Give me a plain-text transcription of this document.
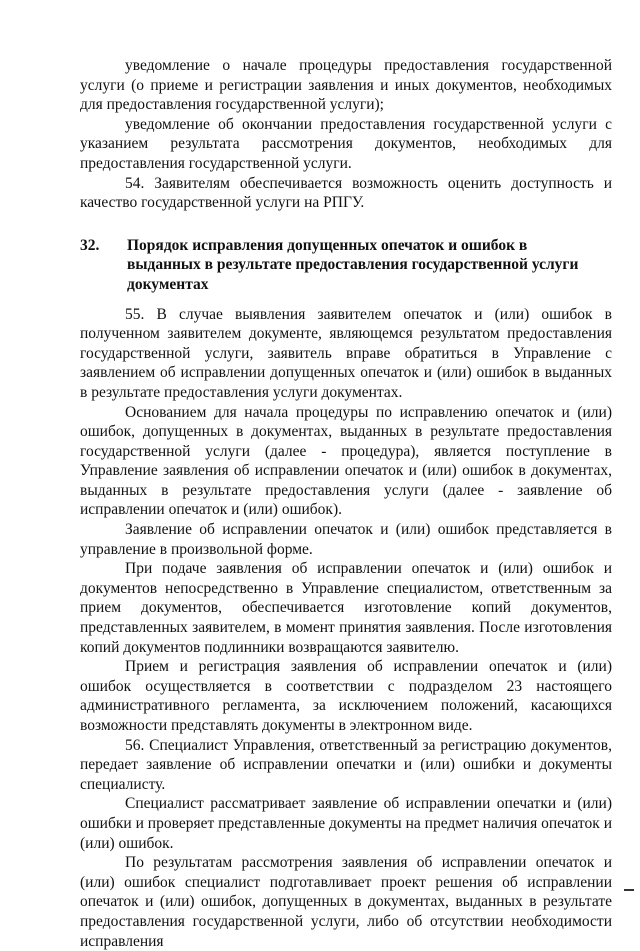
уведомление о начале процедуры предоставления государственной услуги (о приеме и регистрации заявления и иных документов, необходимых для предоставления государственной услуги);

уведомление об окончании предоставления государственной услуги с указанием результата рассмотрения документов, необходимых для предоставления государственной услуги.

54. Заявителям обеспечивается возможность оценить доступность и качество государственной услуги на РПГУ.

32.	Порядок исправления допущенных опечаток и ошибок в выданных в результате предоставления государственной услуги документах

55. В случае выявления заявителем опечаток и (или) ошибок в полученном заявителем документе, являющемся результатом предоставления государственной услуги, заявитель вправе обратиться в Управление с заявлением об исправлении допущенных опечаток и (или) ошибок в выданных в результате предоставления услуги документах.

Основанием для начала процедуры по исправлению опечаток и (или) ошибок, допущенных в документах, выданных в результате предоставления государственной услуги (далее - процедура), является поступление в Управление заявления об исправлении опечаток и (или) ошибок в документах, выданных в результате предоставления услуги (далее - заявление об исправлении опечаток и (или) ошибок).

Заявление об исправлении опечаток и (или) ошибок представляется в управление в произвольной форме.

При подаче заявления об исправлении опечаток и (или) ошибок и документов непосредственно в Управление специалистом, ответственным за прием документов, обеспечивается изготовление копий документов, представленных заявителем, в момент принятия заявления. После изготовления копий документов подлинники возвращаются заявителю.

Прием и регистрация заявления об исправлении опечаток и (или) ошибок осуществляется в соответствии с подразделом 23 настоящего административного регламента, за исключением положений, касающихся возможности представлять документы в электронном виде.

56. Специалист Управления, ответственный за регистрацию документов, передает заявление об исправлении опечатки и (или) ошибки и документы специалисту.

Специалист рассматривает заявление об исправлении опечатки и (или) ошибки и проверяет представленные документы на предмет наличия опечаток и (или) ошибок.

По результатам рассмотрения заявления об исправлении опечаток и (или) ошибок специалист подготавливает проект решения об исправлении опечаток и (или) ошибок, допущенных в документах, выданных в результате предоставления государственной услуги, либо об отсутствии необходимости исправления
